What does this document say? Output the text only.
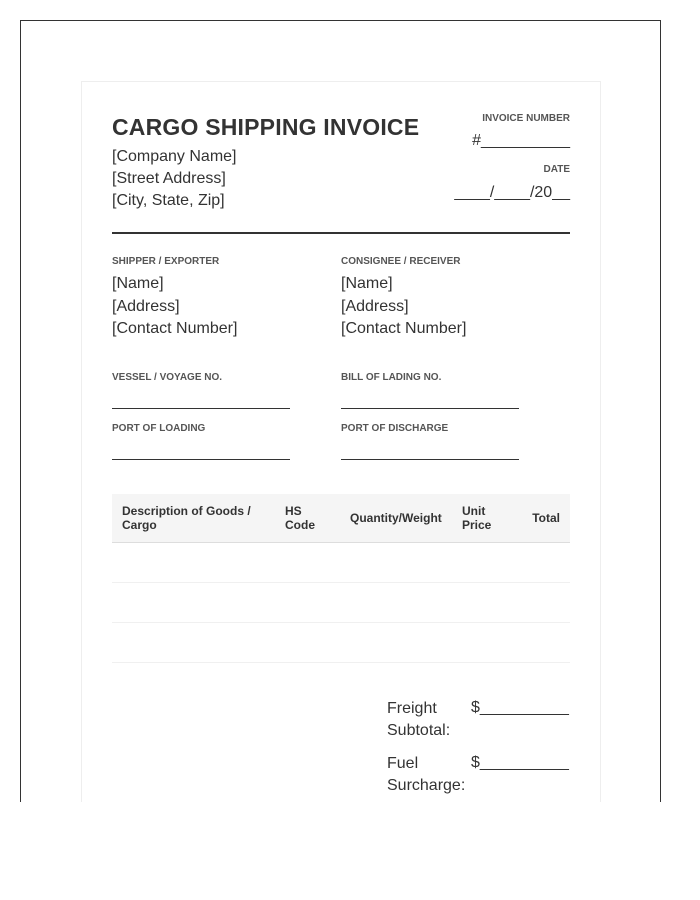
CARGO SHIPPING INVOICE
[Company Name]
[Street Address]
[City, State, Zip]
INVOICE NUMBER
#__________
DATE
____/____/20__
SHIPPER / EXPORTER
[Name]
[Address]
[Contact Number]
CONSIGNEE / RECEIVER
[Name]
[Address]
[Contact Number]
VESSEL / VOYAGE NO.	BILL OF LADING NO.
PORT OF LOADING	PORT OF DISCHARGE
Description of Goods / Cargo	HS Code	Quantity/Weight	Unit Price	Total

Freight
Subtotal:
$__________
Fuel
Surcharge:
$__________
